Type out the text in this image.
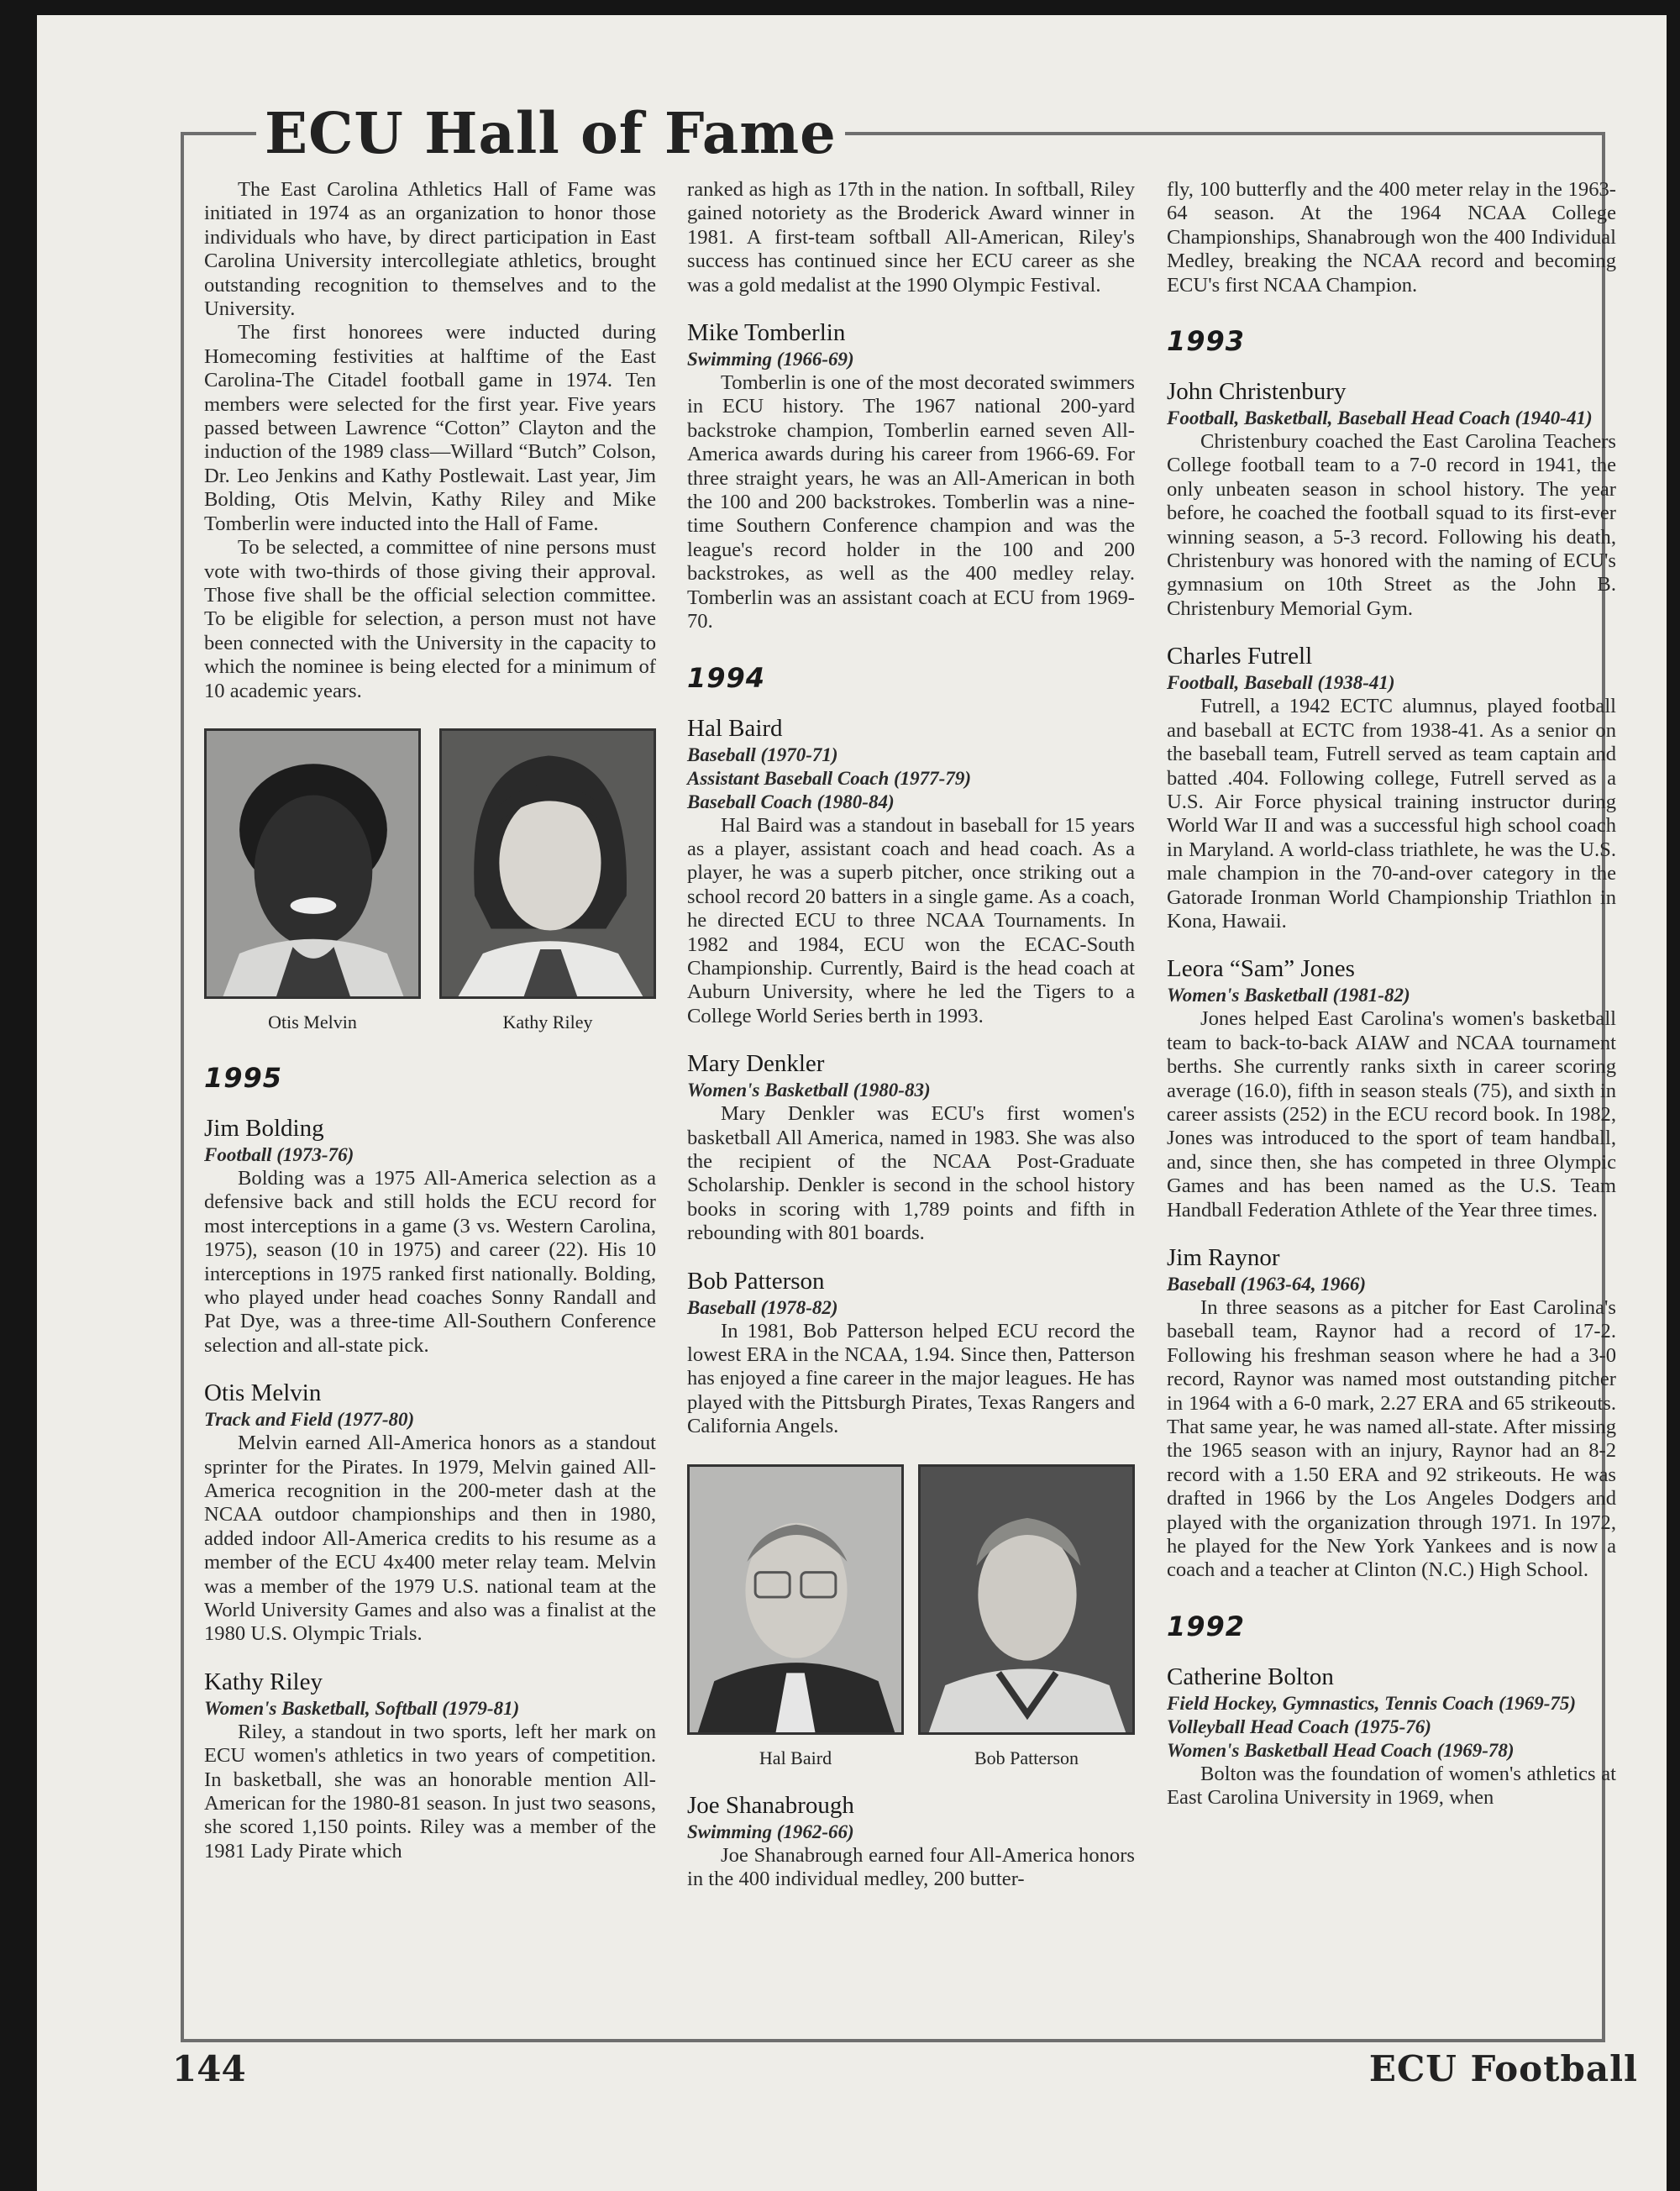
ECU Hall of Fame

The East Carolina Athletics Hall of Fame was initiated in 1974 as an organization to honor those individuals who have, by direct participation in East Carolina University intercollegiate athletics, brought outstanding recognition to themselves and to the University.

The first honorees were inducted during Homecoming festivities at halftime of the East Carolina-The Citadel football game in 1974. Ten members were selected for the first year. Five years passed between Lawrence “Cotton” Clayton and the induction of the 1989 class—Willard “Butch” Colson, Dr. Leo Jenkins and Kathy Postlewait. Last year, Jim Bolding, Otis Melvin, Kathy Riley and Mike Tomberlin were inducted into the Hall of Fame.

To be selected, a committee of nine persons must vote with two-thirds of those giving their approval. Those five shall be the official selection committee. To be eligible for selection, a person must not have been connected with the University in the capacity to which the nominee is being elected for a minimum of 10 academic years.

Otis Melvin	Kathy Riley
1995
Jim Bolding
Football (1973-76)

Bolding was a 1975 All-America selection as a defensive back and still holds the ECU record for most interceptions in a game (3 vs. Western Carolina, 1975), season (10 in 1975) and career (22). His 10 interceptions in 1975 ranked first nationally. Bolding, who played under head coaches Sonny Randall and Pat Dye, was a three-time All-Southern Conference selection and all-state pick.

Otis Melvin
Track and Field (1977-80)

Melvin earned All-America honors as a standout sprinter for the Pirates. In 1979, Melvin gained All-America recognition in the 200-meter dash at the NCAA outdoor championships and then in 1980, added indoor All-America credits to his resume as a member of the ECU 4x400 meter relay team. Melvin was a member of the 1979 U.S. national team at the World University Games and also was a finalist at the 1980 U.S. Olympic Trials.

Kathy Riley
Women's Basketball, Softball (1979-81)

Riley, a standout in two sports, left her mark on ECU women's athletics in two years of competition. In basketball, she was an honorable mention All-American for the 1980-81 season. In just two seasons, she scored 1,150 points. Riley was a member of the 1981 Lady Pirate which

ranked as high as 17th in the nation. In softball, Riley gained notoriety as the Broderick Award winner in 1981. A first-team softball All-American, Riley's success has continued since her ECU career as she was a gold medalist at the 1990 Olympic Festival.

Mike Tomberlin
Swimming (1966-69)

Tomberlin is one of the most decorated swimmers in ECU history. The 1967 national 200-yard backstroke champion, Tomberlin earned seven All-America awards during his career from 1966-69. For three straight years, he was an All-American in both the 100 and 200 backstrokes. Tomberlin was a nine-time Southern Conference champion and was the league's record holder in the 100 and 200 backstrokes, as well as the 400 medley relay. Tomberlin was an assistant coach at ECU from 1969-70.

1994
Hal Baird
Baseball (1970-71)
Assistant Baseball Coach (1977-79)
Baseball Coach (1980-84)

Hal Baird was a standout in baseball for 15 years as a player, assistant coach and head coach. As a player, he was a superb pitcher, once striking out a school record 20 batters in a single game. As a coach, he directed ECU to three NCAA Tournaments. In 1982 and 1984, ECU won the ECAC-South Championship. Currently, Baird is the head coach at Auburn University, where he led the Tigers to a College World Series berth in 1993.

Mary Denkler
Women's Basketball (1980-83)

Mary Denkler was ECU's first women's basketball All America, named in 1983. She was also the recipient of the NCAA Post-Graduate Scholarship. Denkler is second in the school history books in scoring with 1,789 points and fifth in rebounding with 801 boards.

Bob Patterson
Baseball (1978-82)

In 1981, Bob Patterson helped ECU record the lowest ERA in the NCAA, 1.94. Since then, Patterson has enjoyed a fine career in the major leagues. He has played with the Pittsburgh Pirates, Texas Rangers and California Angels.

Hal Baird	Bob Patterson
Joe Shanabrough
Swimming (1962-66)

Joe Shanabrough earned four All-America honors in the 400 individual medley, 200 butter-

fly, 100 butterfly and the 400 meter relay in the 1963-64 season. At the 1964 NCAA College Championships, Shanabrough won the 400 Individual Medley, breaking the NCAA record and becoming ECU's first NCAA Champion.

1993
John Christenbury
Football, Basketball, Baseball Head Coach (1940-41)

Christenbury coached the East Carolina Teachers College football team to a 7-0 record in 1941, the only unbeaten season in school history. The year before, he coached the football squad to its first-ever winning season, a 5-3 record. Following his death, Christenbury was honored with the naming of ECU's gymnasium on 10th Street as the John B. Christenbury Memorial Gym.

Charles Futrell
Football, Baseball (1938-41)

Futrell, a 1942 ECTC alumnus, played football and baseball at ECTC from 1938-41. As a senior on the baseball team, Futrell served as team captain and batted .404. Following college, Futrell served as a U.S. Air Force physical training instructor during World War II and was a successful high school coach in Maryland. A world-class triathlete, he was the U.S. male champion in the 70-and-over category in the Gatorade Ironman World Championship Triathlon in Kona, Hawaii.

Leora “Sam” Jones
Women's Basketball (1981-82)

Jones helped East Carolina's women's basketball team to back-to-back AIAW and NCAA tournament berths. She currently ranks sixth in career scoring average (16.0), fifth in season steals (75), and sixth in career assists (252) in the ECU record book. In 1982, Jones was introduced to the sport of team handball, and, since then, she has competed in three Olympic Games and has been named as the U.S. Team Handball Federation Athlete of the Year three times.

Jim Raynor
Baseball (1963-64, 1966)

In three seasons as a pitcher for East Carolina's baseball team, Raynor had a record of 17-2. Following his freshman season where he had a 3-0 record, Raynor was named most outstanding pitcher in 1964 with a 6-0 mark, 2.27 ERA and 65 strikeouts. That same year, he was named all-state. After missing the 1965 season with an injury, Raynor had an 8-2 record with a 1.50 ERA and 92 strikeouts. He was drafted in 1966 by the Los Angeles Dodgers and played with the organization through 1971. In 1972, he played for the New York Yankees and is now a coach and a teacher at Clinton (N.C.) High School.

1992
Catherine Bolton
Field Hockey, Gymnastics, Tennis Coach (1969-75)
Volleyball Head Coach (1975-76)
Women's Basketball Head Coach (1969-78)

Bolton was the foundation of women's athletics at East Carolina University in 1969, when

144	ECU Football
